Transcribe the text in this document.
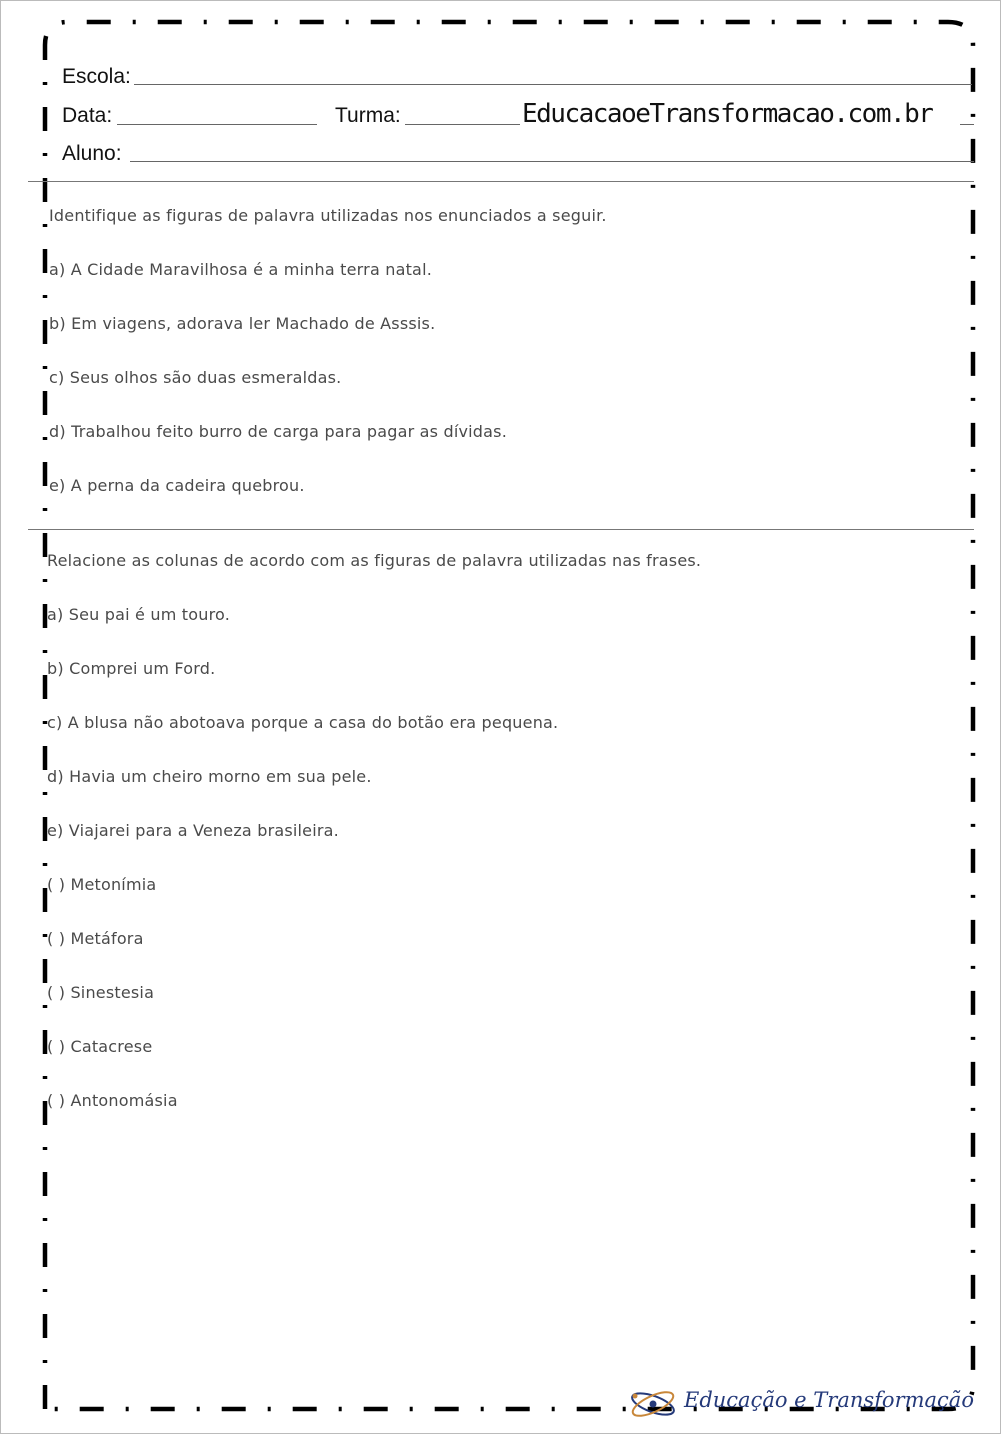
Escola:
Data:	Turma:	EducacaoeTransformacao.com.br
Aluno:
Identifique as figuras de palavra utilizadas nos enunciados a seguir.
a) A Cidade Maravilhosa é a minha terra natal.
b) Em viagens, adorava ler Machado de Asssis.
c) Seus olhos são duas esmeraldas.
d) Trabalhou feito burro de carga para pagar as dívidas.
e) A perna da cadeira quebrou.
Relacione as colunas de acordo com as figuras de palavra utilizadas nas frases.
a) Seu pai é um touro.
b) Comprei um Ford.
c) A blusa não abotoava porque a casa do botão era pequena.
d) Havia um cheiro morno em sua pele.
e) Viajarei para a Veneza brasileira.
( ) Metonímia
( ) Metáfora
( ) Sinestesia
( ) Catacrese
( ) Antonomásia
Educação e Transformação
